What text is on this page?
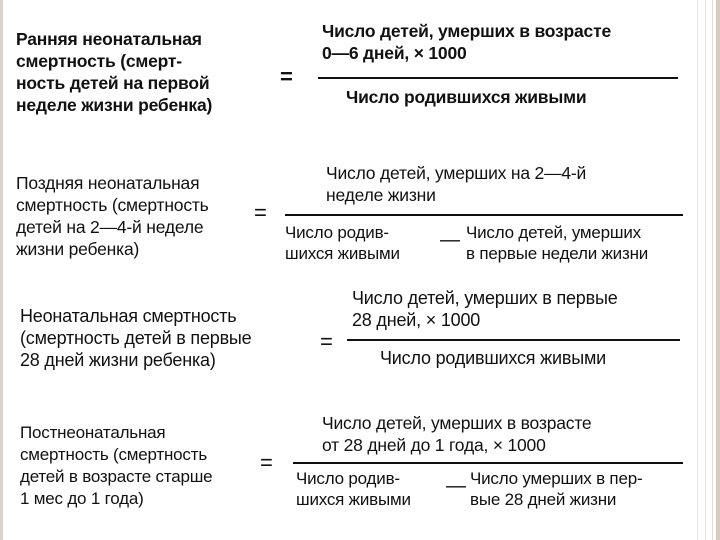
Ранняя неонатальная
смертность (смерт-
ность детей на первой
неделе жизни ребенка)
=
Число детей, умерших в возрасте
0—6 дней, × 1000
Число родившихся живыми
Поздняя неонатальная
смертность (смертность
детей на 2—4-й неделе
жизни ребенка)
=
Число детей, умерших на 2—4-й
неделе жизни
Число родив-
шихся живыми
— Число детей, умерших
в первые недели жизни
Неонатальная смертность
(смертность детей в первые
28 дней жизни ребенка)
=
Число детей, умерших в первые
28 дней, × 1000
Число родившихся живыми
Постнеонатальная
смертность (смертность
детей в возрасте старше
1 мес до 1 года)
=
Число детей, умерших в возрасте
от 28 дней до 1 года, × 1000
Число родив-
шихся живыми
— Число умерших в пер-
вые 28 дней жизни
